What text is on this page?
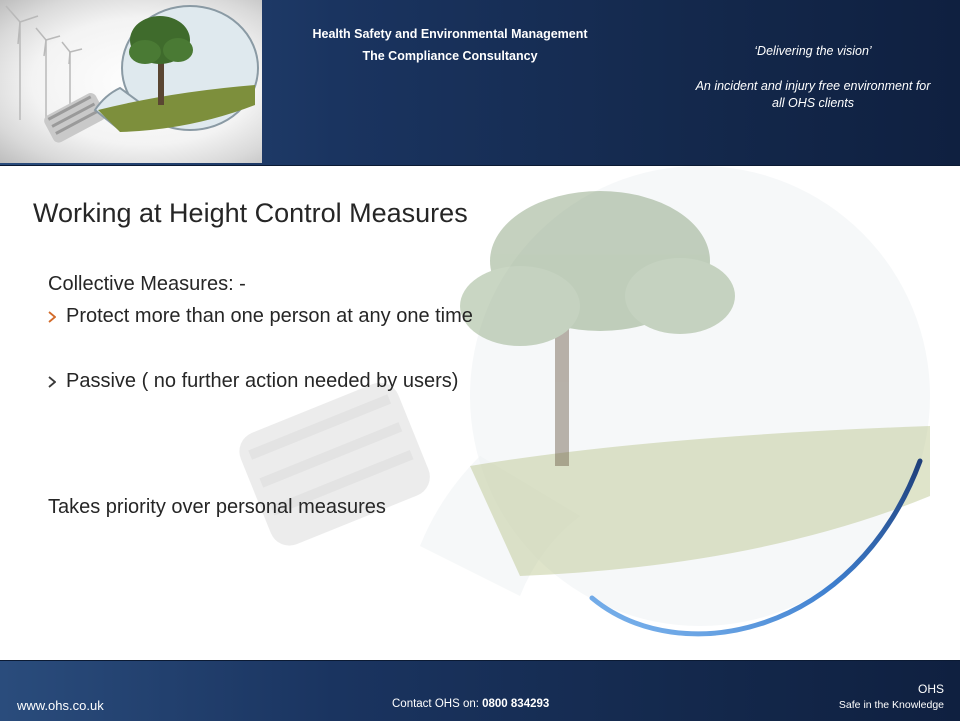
Health Safety and Environmental Management
The Compliance Consultancy	‘Delivering the vision’
An incident and injury free environment for all OHS clients
Working at Height Control Measures
Collective Measures: -
Protect more than one person at any one time
Passive ( no further action needed by users)
Takes priority over personal measures
www.ohs.co.uk	Contact OHS on: 0800 834293
OHS
Safe in the Knowledge
